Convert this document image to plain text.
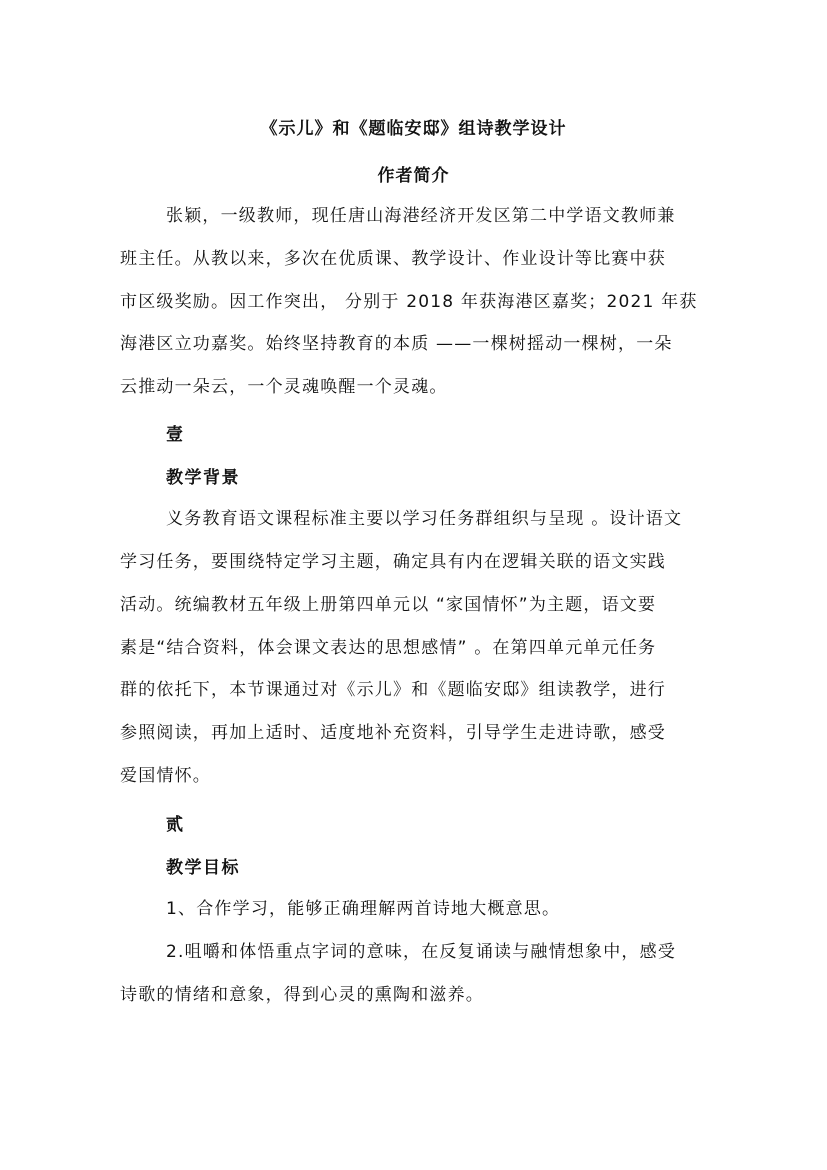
《示儿》和《题临安邸》组诗教学设计
作者简介
张颖，一级教师，现任唐山海港经济开发区第二中学语文教师兼
班主任。从教以来，多次在优质课、教学设计、作业设计等比赛中获
市区级奖励。因工作突出， 分别于 2018 年获海港区嘉奖；2021 年获
海港区立功嘉奖。始终坚持教育的本质 ——一棵树摇动一棵树，一朵
云推动一朵云，一个灵魂唤醒一个灵魂。
壹
教学背景
义务教育语文课程标准主要以学习任务群组织与呈现 。设计语文
学习任务，要围绕特定学习主题，确定具有内在逻辑关联的语文实践
活动。统编教材五年级上册第四单元以 “家国情怀”为主题，语文要
素是“结合资料，体会课文表达的思想感情” 。在第四单元单元任务
群的依托下，本节课通过对《示儿》和《题临安邸》组读教学，进行
参照阅读，再加上适时、适度地补充资料，引导学生走进诗歌，感受
爱国情怀。
贰
教学目标
1、合作学习，能够正确理解两首诗地大概意思。
2.咀嚼和体悟重点字词的意味，在反复诵读与融情想象中，感受
诗歌的情绪和意象，得到心灵的熏陶和滋养。
